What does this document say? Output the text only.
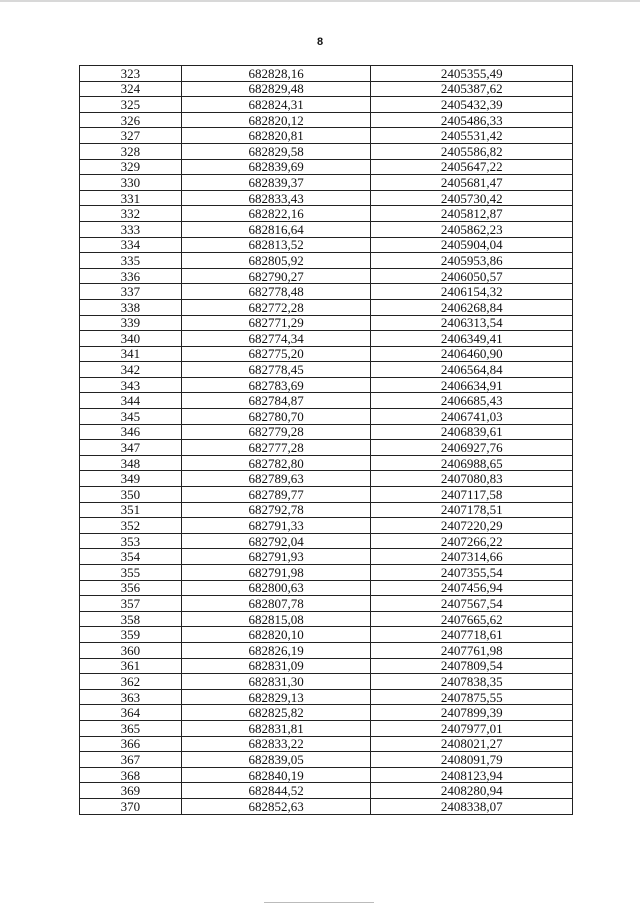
8
323	682828,16	2405355,49
324	682829,48	2405387,62
325	682824,31	2405432,39
326	682820,12	2405486,33
327	682820,81	2405531,42
328	682829,58	2405586,82
329	682839,69	2405647,22
330	682839,37	2405681,47
331	682833,43	2405730,42
332	682822,16	2405812,87
333	682816,64	2405862,23
334	682813,52	2405904,04
335	682805,92	2405953,86
336	682790,27	2406050,57
337	682778,48	2406154,32
338	682772,28	2406268,84
339	682771,29	2406313,54
340	682774,34	2406349,41
341	682775,20	2406460,90
342	682778,45	2406564,84
343	682783,69	2406634,91
344	682784,87	2406685,43
345	682780,70	2406741,03
346	682779,28	2406839,61
347	682777,28	2406927,76
348	682782,80	2406988,65
349	682789,63	2407080,83
350	682789,77	2407117,58
351	682792,78	2407178,51
352	682791,33	2407220,29
353	682792,04	2407266,22
354	682791,93	2407314,66
355	682791,98	2407355,54
356	682800,63	2407456,94
357	682807,78	2407567,54
358	682815,08	2407665,62
359	682820,10	2407718,61
360	682826,19	2407761,98
361	682831,09	2407809,54
362	682831,30	2407838,35
363	682829,13	2407875,55
364	682825,82	2407899,39
365	682831,81	2407977,01
366	682833,22	2408021,27
367	682839,05	2408091,79
368	682840,19	2408123,94
369	682844,52	2408280,94
370	682852,63	2408338,07
